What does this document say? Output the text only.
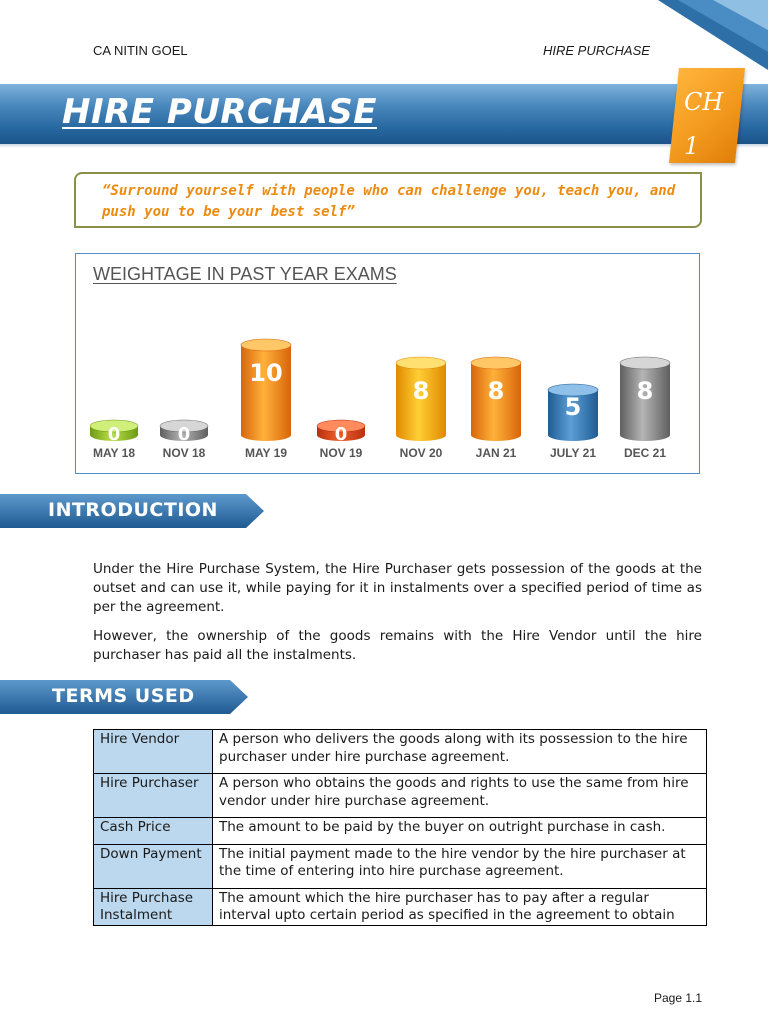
CA NITIN GOEL	HIRE PURCHASE
HIRE PURCHASE	CH
1
“Surround yourself with people who can challenge you, teach you, and push you to be your best self”
WEIGHTAGE IN PAST YEAR EXAMS
0
MAY 18
0
NOV 18
10
MAY 19
0
NOV 19
8
NOV 20
8
JAN 21
5
JULY 21
8
DEC 21
INTRODUCTION
Under the Hire Purchase System, the Hire Purchaser gets possession of the goods at the outset and can use it, while paying for it in instalments over a specified period of time as per the agreement.
However, the ownership of the goods remains with the Hire Vendor until the hire purchaser has paid all the instalments.
TERMS USED
Hire Vendor	A person who delivers the goods along with its possession to the hire purchaser under hire purchase agreement.
Hire Purchaser	A person who obtains the goods and rights to use the same from hire vendor under hire purchase agreement.
Cash Price	The amount to be paid by the buyer on outright purchase in cash.
Down Payment	The initial payment made to the hire vendor by the hire purchaser at the time of entering into hire purchase agreement.
Hire Purchase Instalment	The amount which the hire purchaser has to pay after a regular interval upto certain period as specified in the agreement to obtain
Page 1.1
